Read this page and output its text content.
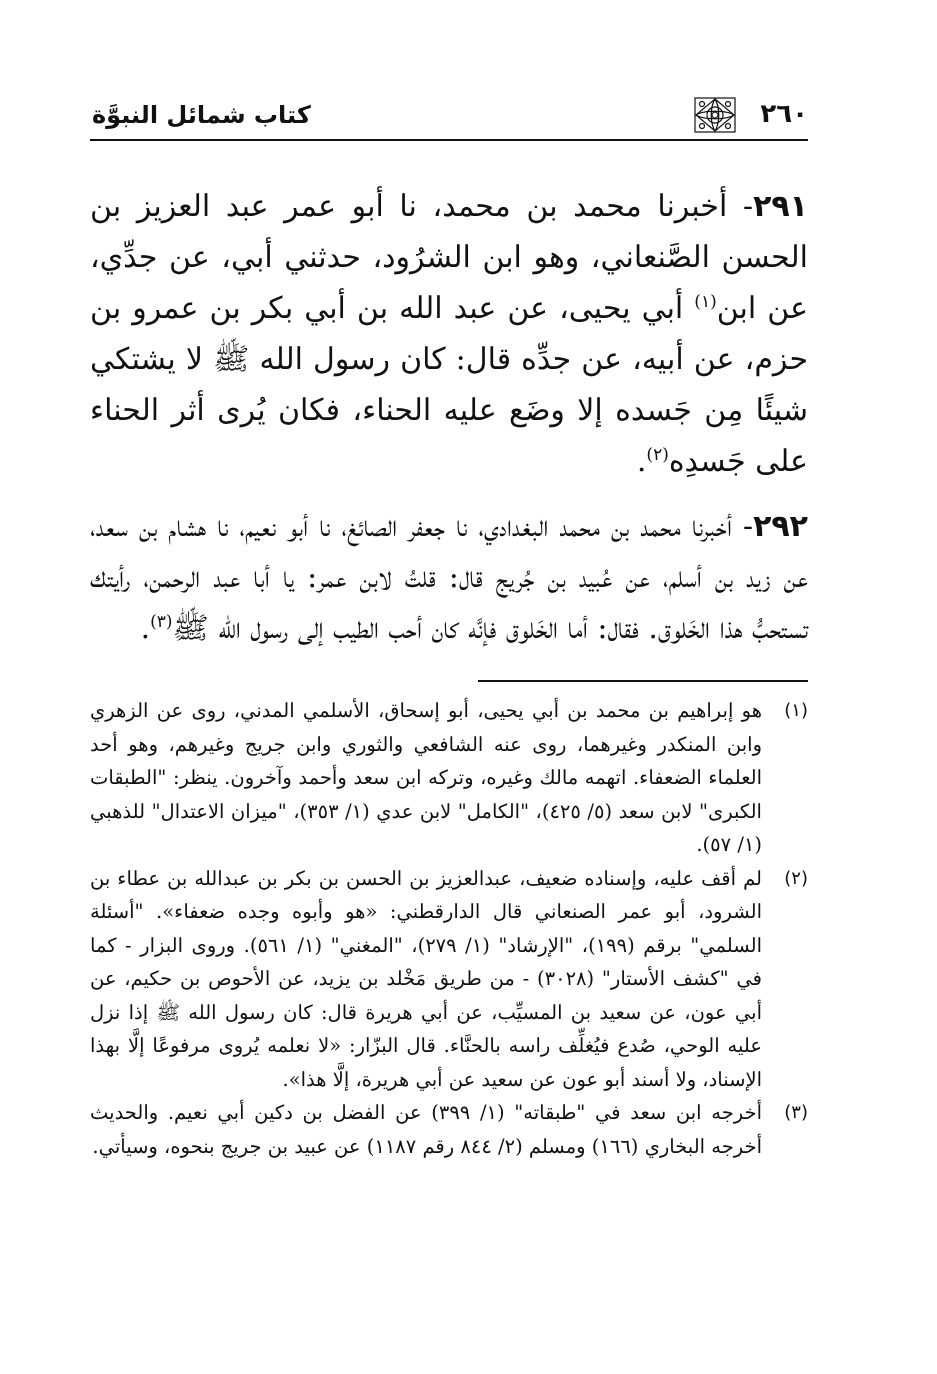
٢٦٠
كتاب شمائل النبوَّة

٢٩١- أخبرنا محمد بن محمد، نا أبو عمر عبد العزيز بن الحسن الصَّنعاني، وهو ابن الشرُود، حدثني أبي، عن جدِّي، عن ابن$^{(١)}$ أبي يحيى، عن عبد الله بن أبي بكر بن عمرو بن حزم، عن أبيه، عن جدِّه قال: كان رسول الله ﷺ لا يشتكي شيئًا مِن جَسده إلا وضَع عليه الحناء، فكان يُرى أثر الحناء على جَسدِه$^{(٢)}$.

٢٩٢- أخبرنا محمد بن محمد البغدادي، نا جعفر الصائغ، نا أبو نعيم، نا هشام بن سعد، عن زيد بن أسلم، عن عُبيد بن جُريج قال: قلتُ لابن عمر: يا أبا عبد الرحمن، رأيتك تستحبُّ هذا الخَلوق. فقال: أما الخَلوق فإنَّه كان أحب الطيب إلى رسول الله ﷺ$^{(٣)}$.

(١)
هو إبراهيم بن محمد بن أبي يحيى، أبو إسحاق، الأسلمي المدني، روى عن الزهري وابن المنكدر وغيرهما، روى عنه الشافعي والثوري وابن جريج وغيرهم، وهو أحد العلماء الضعفاء. اتهمه مالك وغيره، وتركه ابن سعد وأحمد وآخرون. ينظر: "الطبقات الكبرى" لابن سعد (٥/ ٤٢٥)، "الكامل" لابن عدي (١/ ٣٥٣)، "ميزان الاعتدال" للذهبي (١/ ٥٧).
(٢)
لم أقف عليه، وإسناده ضعيف، عبدالعزيز بن الحسن بن بكر بن عبدالله بن عطاء بن الشرود، أبو عمر الصنعاني قال الدارقطني: «هو وأبوه وجده ضعفاء». "أسئلة السلمي" برقم (١٩٩)، "الإرشاد" (١/ ٢٧٩)، "المغني" (١/ ٥٦١). وروى البزار - كما في "كشف الأستار" (٣٠٢٨) - من طريق مَخْلد بن يزيد، عن الأحوص بن حكيم، عن أبي عون، عن سعيد بن المسيِّب، عن أبي هريرة قال: كان رسول الله ﷺ إذا نزل عليه الوحي، صُدع فيُغلِّف راسه بالحنَّاء. قال البزّار: «لا نعلمه يُروى مرفوعًا إلَّا بهذا الإسناد، ولا أسند أبو عون عن سعيد عن أبي هريرة، إلَّا هذا».
(٣)
أخرجه ابن سعد في "طبقاته" (١/ ٣٩٩) عن الفضل بن دكين أبي نعيم. والحديث أخرجه البخاري (١٦٦) ومسلم (٢/ ٨٤٤ رقم ١١٨٧) عن عبيد بن جريج بنحوه، وسيأتي.
